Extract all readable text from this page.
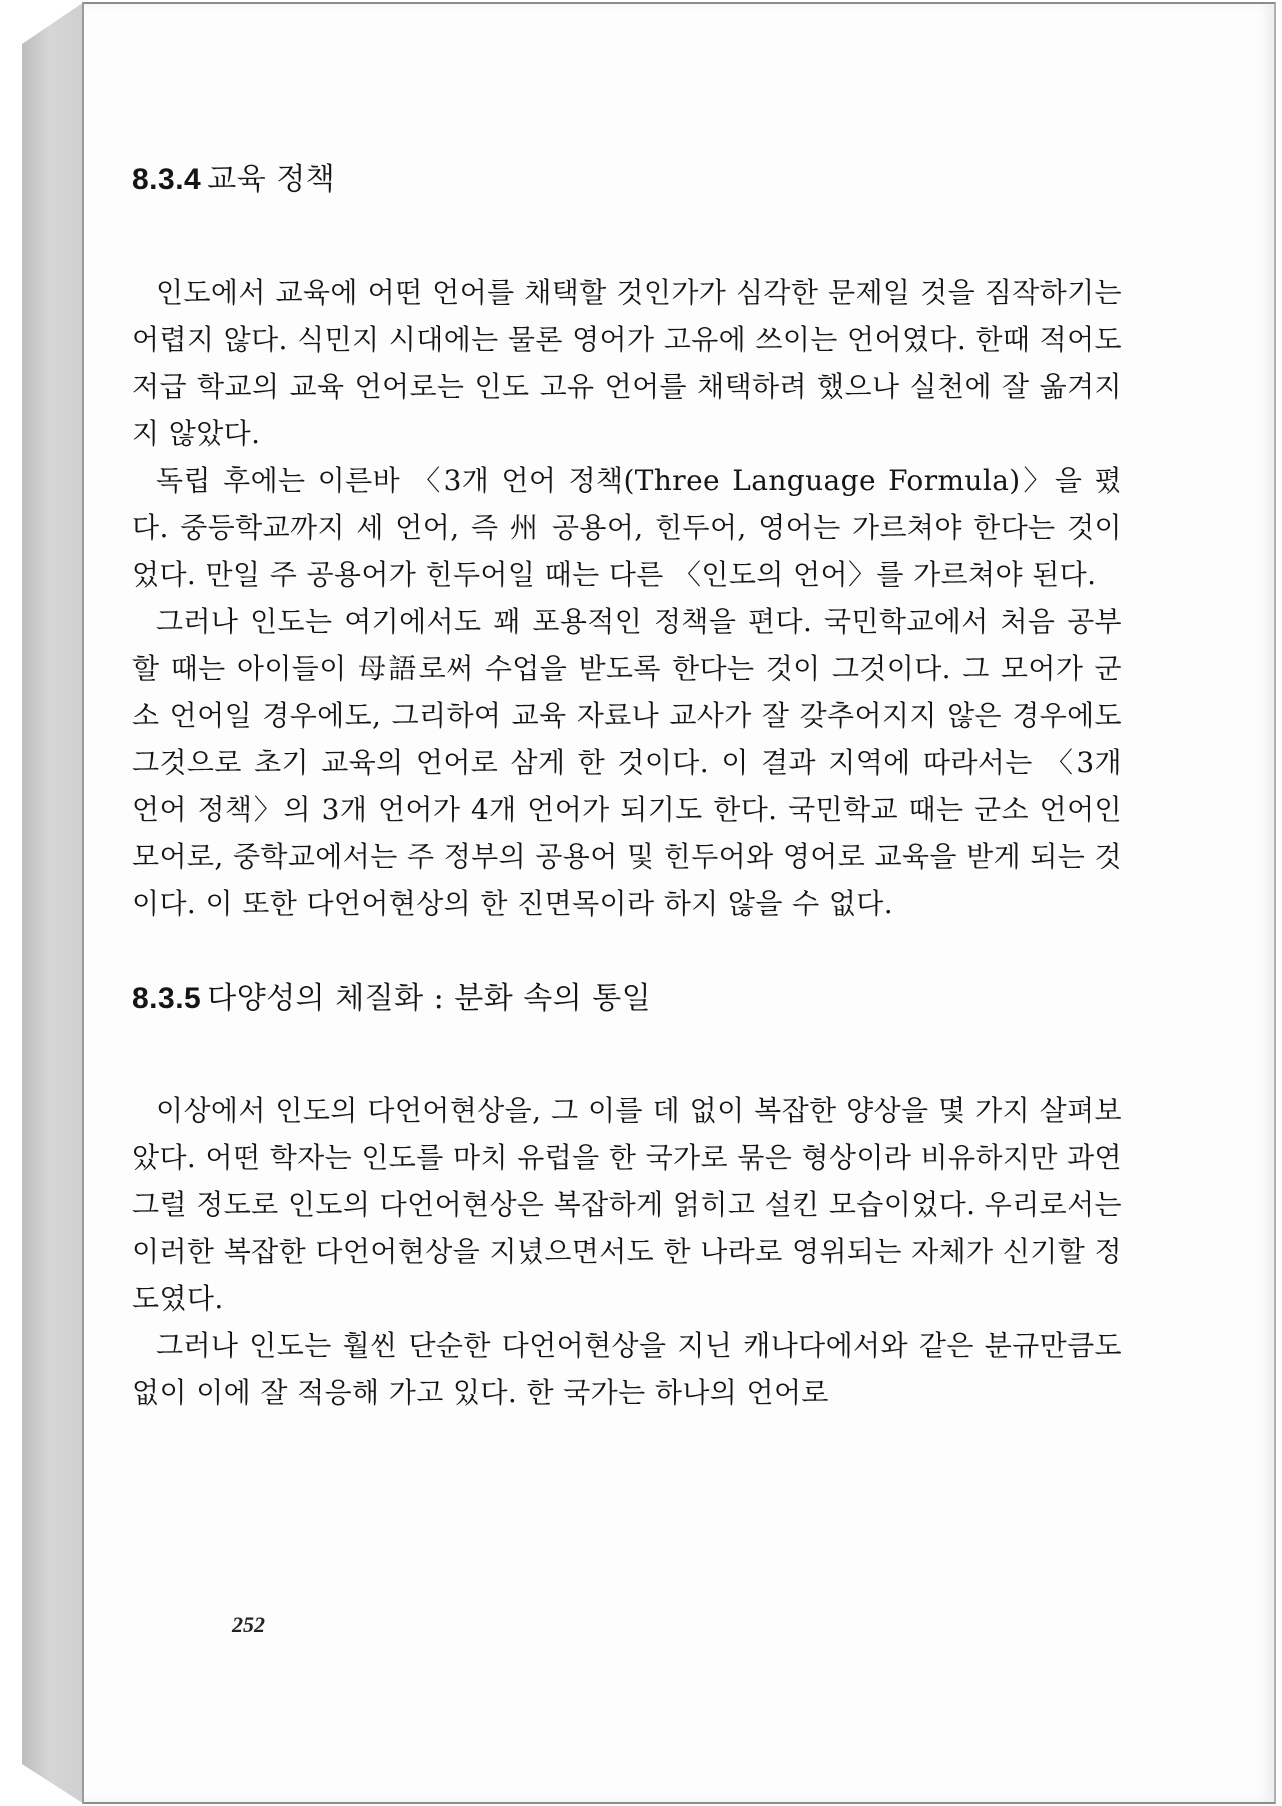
8.3.4 교육 정책

인도에서 교육에 어떤 언어를 채택할 것인가가 심각한 문제일 것을 짐작하기는 어렵지 않다. 식민지 시대에는 물론 영어가 고유에 쓰이는 언어였다. 한때 적어도 저급 학교의 교육 언어로는 인도 고유 언어를 채택하려 했으나 실천에 잘 옮겨지지 않았다.

독립 후에는 이른바 〈3개 언어 정책(Three Language Formula)〉을 폈다. 중등학교까지 세 언어, 즉 州 공용어, 힌두어, 영어는 가르쳐야 한다는 것이었다. 만일 주 공용어가 힌두어일 때는 다른 〈인도의 언어〉를 가르쳐야 된다.

그러나 인도는 여기에서도 꽤 포용적인 정책을 편다. 국민학교에서 처음 공부할 때는 아이들이 母語로써 수업을 받도록 한다는 것이 그것이다. 그 모어가 군소 언어일 경우에도, 그리하여 교육 자료나 교사가 잘 갖추어지지 않은 경우에도 그것으로 초기 교육의 언어로 삼게 한 것이다. 이 결과 지역에 따라서는 〈3개 언어 정책〉의 3개 언어가 4개 언어가 되기도 한다. 국민학교 때는 군소 언어인 모어로, 중학교에서는 주 정부의 공용어 및 힌두어와 영어로 교육을 받게 되는 것이다. 이 또한 다언어현상의 한 진면목이라 하지 않을 수 없다.

8.3.5 다양성의 체질화 : 분화 속의 통일

이상에서 인도의 다언어현상을, 그 이를 데 없이 복잡한 양상을 몇 가지 살펴보았다. 어떤 학자는 인도를 마치 유럽을 한 국가로 묶은 형상이라 비유하지만 과연 그럴 정도로 인도의 다언어현상은 복잡하게 얽히고 설킨 모습이었다. 우리로서는 이러한 복잡한 다언어현상을 지녔으면서도 한 나라로 영위되는 자체가 신기할 정도였다.

그러나 인도는 훨씬 단순한 다언어현상을 지닌 캐나다에서와 같은 분규만큼도 없이 이에 잘 적응해 가고 있다. 한 국가는 하나의 언어로

252
